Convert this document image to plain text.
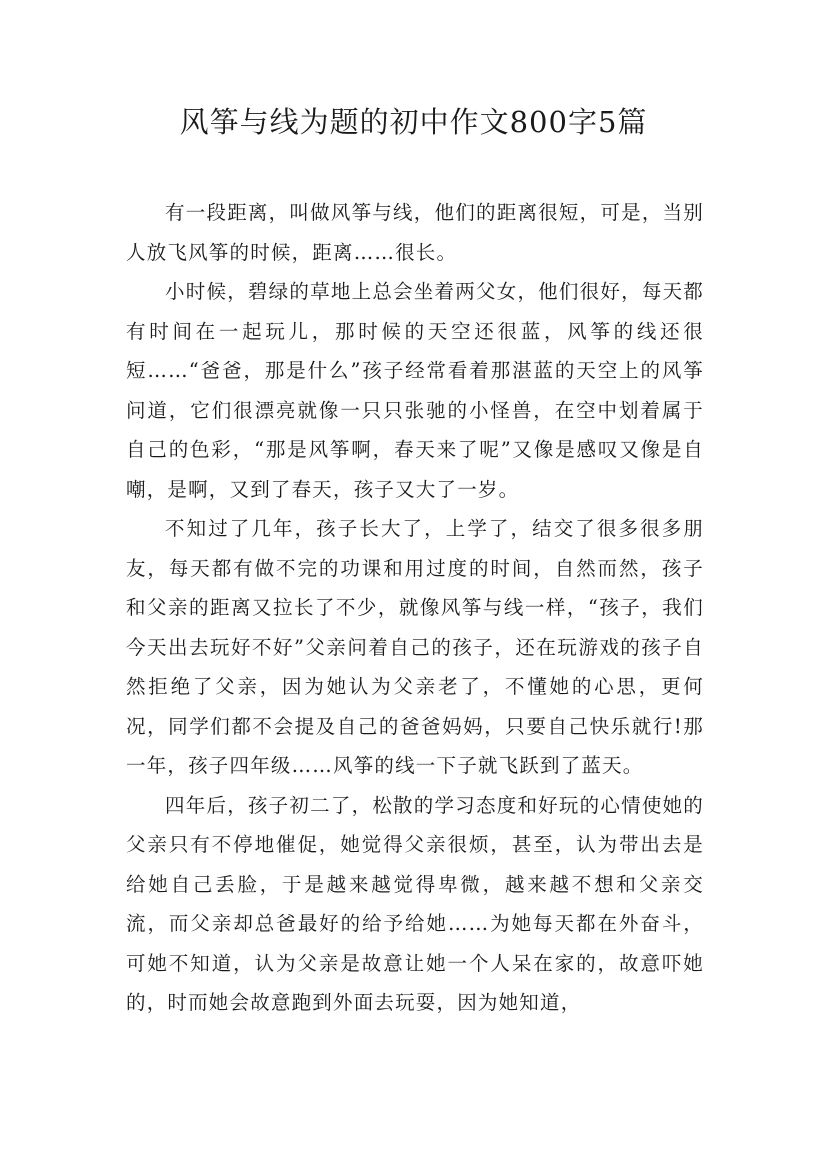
风筝与线为题的初中作文800字5篇

有一段距离，叫做风筝与线，他们的距离很短，可是，当别人放飞风筝的时候，距离……很长。

小时候，碧绿的草地上总会坐着两父女，他们很好，每天都有时间在一起玩儿，那时候的天空还很蓝，风筝的线还很短……“爸爸，那是什么”孩子经常看着那湛蓝的天空上的风筝问道，它们很漂亮就像一只只张驰的小怪兽，在空中划着属于自己的色彩，“那是风筝啊，春天来了呢”又像是感叹又像是自嘲，是啊，又到了春天，孩子又大了一岁。

不知过了几年，孩子长大了，上学了，结交了很多很多朋友，每天都有做不完的功课和用过度的时间，自然而然，孩子和父亲的距离又拉长了不少，就像风筝与线一样，“孩子，我们今天出去玩好不好”父亲问着自己的孩子，还在玩游戏的孩子自然拒绝了父亲，因为她认为父亲老了，不懂她的心思，更何况，同学们都不会提及自己的爸爸妈妈，只要自己快乐就行!那一年，孩子四年级……风筝的线一下子就飞跃到了蓝天。

四年后，孩子初二了，松散的学习态度和好玩的心情使她的父亲只有不停地催促，她觉得父亲很烦，甚至，认为带出去是给她自己丢脸，于是越来越觉得卑微，越来越不想和父亲交流，而父亲却总爸最好的给予给她……为她每天都在外奋斗，可她不知道，认为父亲是故意让她一个人呆在家的，故意吓她的，时而她会故意跑到外面去玩耍，因为她知道，
